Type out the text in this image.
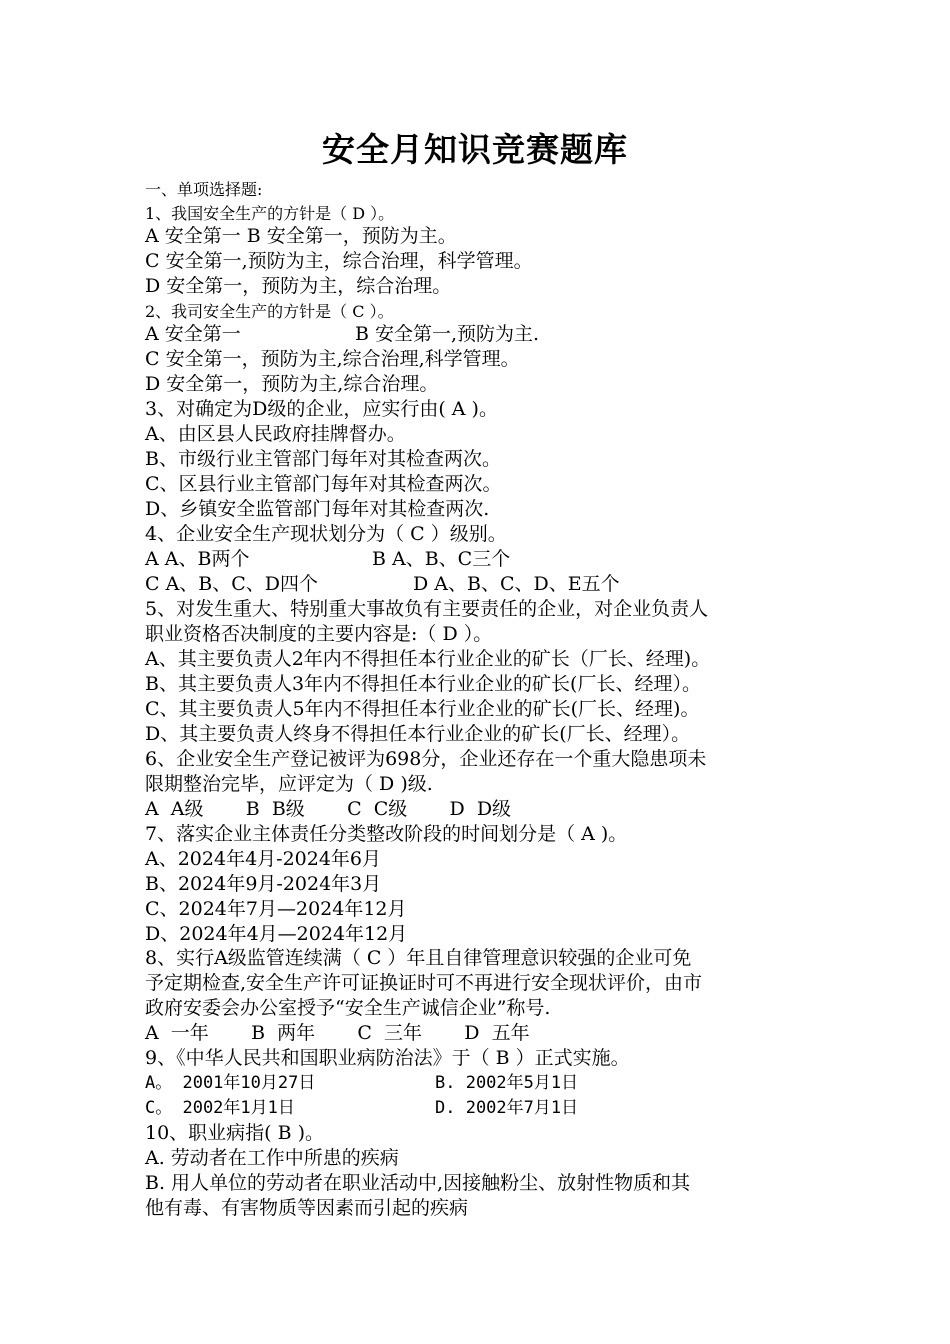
安全月知识竞赛题库
一、单项选择题:
1、我国安全生产的方针是（ D ）。
A 安全第一 B 安全第一，预防为主。
C 安全第一,预防为主，综合治理，科学管理。
D 安全第一，预防为主，综合治理。
2、我司安全生产的方针是（ C ）。
A 安全第一	B 安全第一,预防为主.
C 安全第一，预防为主,综合治理,科学管理。
D 安全第一，预防为主,综合治理。
3、对确定为D级的企业，应实行由( A )。
A、由区县人民政府挂牌督办。
B、市级行业主管部门每年对其检查两次。
C、区县行业主管部门每年对其检查两次。
D、乡镇安全监管部门每年对其检查两次.
4、企业安全生产现状划分为（ C ）级别。
A A、B两个	B A、B、C三个
C A、B、C、D四个	D A、B、C、D、E五个
5、对发生重大、特别重大事故负有主要责任的企业，对企业负责人
职业资格否决制度的主要内容是:（ D ）。
A、其主要负责人2年内不得担任本行业企业的矿长（厂长、经理)。
B、其主要负责人3年内不得担任本行业企业的矿长(厂长、经理）。
C、其主要负责人5年内不得担任本行业企业的矿长(厂长、经理)。
D、其主要负责人终身不得担任本行业企业的矿长(厂长、经理）。
6、企业安全生产登记被评为698分，企业还存在一个重大隐患项未
限期整治完毕，应评定为（ D )级.
A  A级       B  B级       C  C级       D  D级
7、落实企业主体责任分类整改阶段的时间划分是（ A )。
A、2024年4月-2024年6月
B、2024年9月-2024年3月
C、2024年7月—2024年12月
D、2024年4月—2024年12月
8、实行A级监管连续满（ C ）年且自律管理意识较强的企业可免
予定期检查,安全生产许可证换证时可不再进行安全现状评价，由市
政府安委会办公室授予“安全生产诚信企业”称号.
A  一年       B  两年       C  三年       D  五年
9、《中华人民共和国职业病防治法》于（ B ）正式实施。
A。 2001年10月27日	B. 2002年5月1日
C。 2002年1月1日	D. 2002年7月1日
10、职业病指( B )。
A. 劳动者在工作中所患的疾病
B. 用人单位的劳动者在职业活动中,因接触粉尘、放射性物质和其
他有毒、有害物质等因素而引起的疾病
